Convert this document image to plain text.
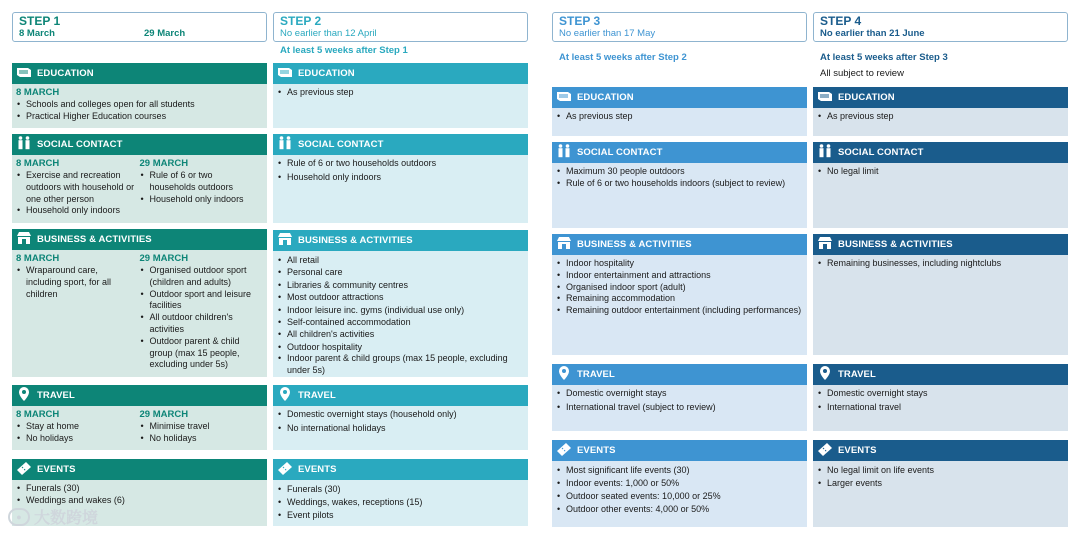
STEP 1
8 March	29 March
STEP 2
No earlier than 12 April
STEP 3
No earlier than 17 May
STEP 4
No earlier than 21 June
At least 5 weeks after Step 1
At least 5 weeks after Step 2	At least 5 weeks after Step 3
All subject to review
EDUCATION
8 MARCH
• Schools and colleges open for all students
• Practical Higher Education courses
SOCIAL CONTACT
8 MARCH
• Exercise and recreation outdoors with household or one other person
• Household only indoors
29 MARCH
• Rule of 6 or two households outdoors
• Household only indoors
BUSINESS & ACTIVITIES
8 MARCH
• Wraparound care, including sport, for all children
29 MARCH
• Organised outdoor sport (children and adults)
• Outdoor sport and leisure facilities
• All outdoor children's activities
• Outdoor parent & child group (max 15 people, excluding under 5s)
TRAVEL
8 MARCH
• Stay at home
• No holidays
29 MARCH
• Minimise travel
• No holidays
EVENTS
• Funerals (30)
• Weddings and wakes (6)
EDUCATION
• As previous step
SOCIAL CONTACT
• Rule of 6 or two households outdoors
• Household only indoors
BUSINESS & ACTIVITIES
• All retail
• Personal care
• Libraries & community centres
• Most outdoor attractions
• Indoor leisure inc. gyms (individual use only)
• Self-contained accommodation
• All children's activities
• Outdoor hospitality
• Indoor parent & child groups (max 15 people, excluding under 5s)
TRAVEL
• Domestic overnight stays (household only)
• No international holidays
EVENTS
• Funerals (30)
• Weddings, wakes, receptions (15)
• Event pilots
EDUCATION
• As previous step
SOCIAL CONTACT
• Maximum 30 people outdoors
• Rule of 6 or two households indoors (subject to review)
BUSINESS & ACTIVITIES
• Indoor hospitality
• Indoor entertainment and attractions
• Organised indoor sport (adult)
• Remaining accommodation
• Remaining outdoor entertainment (including performances)
TRAVEL
• Domestic overnight stays
• International travel (subject to review)
EVENTS
• Most significant life events (30)
• Indoor events: 1,000 or 50%
• Outdoor seated events: 10,000 or 25%
• Outdoor other events: 4,000 or 50%
EDUCATION
• As previous step
SOCIAL CONTACT
• No legal limit
BUSINESS & ACTIVITIES
• Remaining businesses, including nightclubs
TRAVEL
• Domestic overnight stays
• International travel
EVENTS
• No legal limit on life events
• Larger events
● 大数跨境
